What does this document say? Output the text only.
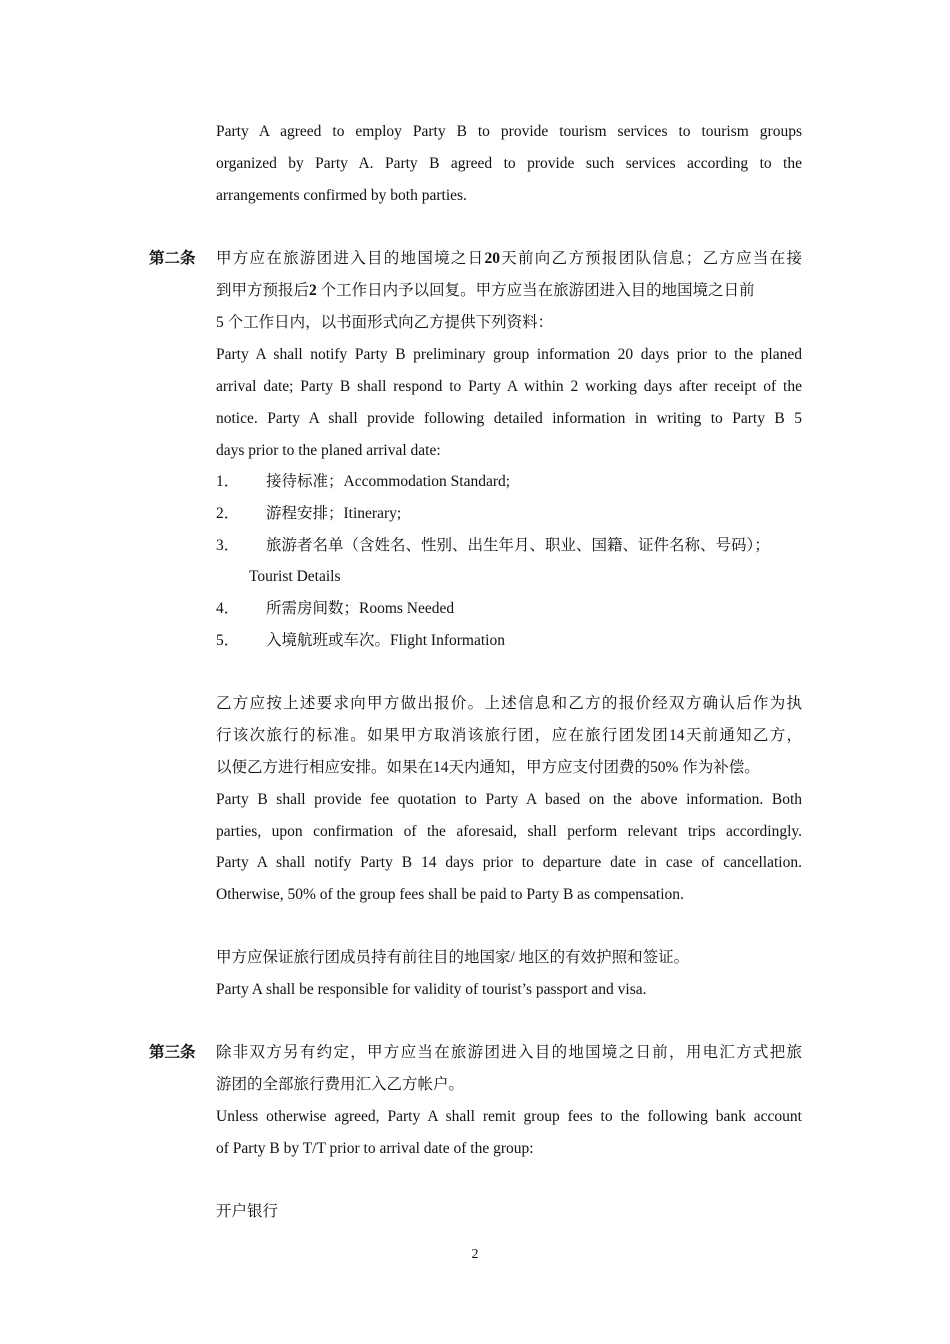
Party A agreed to employ Party B to provide tourism services to tourism groups
organized by Party A. Party B agreed to provide such services according to the
arrangements confirmed by both parties.
第二条 甲方应在旅游团进入目的地国境之日20天前向乙方预报团队信息；乙方应当在接
到甲方预报后2 个工作日内予以回复。甲方应当在旅游团进入目的地国境之日前
5 个工作日内，以书面形式向乙方提供下列资料：
Party A shall notify Party B preliminary group information 20 days prior to the planed
arrival date; Party B shall respond to Party A within 2 working days after receipt of the
notice. Party A shall provide following detailed information in writing to Party B 5
days prior to the planed arrival date:
1． 接待标准；Accommodation Standard;
2． 游程安排；Itinerary;
3． 旅游者名单（含姓名、性别、出生年月、职业、国籍、证件名称、号码）；
Tourist Details
4． 所需房间数；Rooms Needed
5． 入境航班或车次。Flight Information
乙方应按上述要求向甲方做出报价。上述信息和乙方的报价经双方确认后作为执
行该次旅行的标准。如果甲方取消该旅行团，应在旅行团发团14天前通知乙方，
以便乙方进行相应安排。如果在14天内通知，甲方应支付团费的50% 作为补偿。
Party B shall provide fee quotation to Party A based on the above information. Both
parties, upon confirmation of the aforesaid, shall perform relevant trips accordingly.
Party A shall notify Party B 14 days prior to departure date in case of cancellation.
Otherwise, 50% of the group fees shall be paid to Party B as compensation.
甲方应保证旅行团成员持有前往目的地国家/ 地区的有效护照和签证。
Party A shall be responsible for validity of tourist’s passport and visa.
第三条 除非双方另有约定，甲方应当在旅游团进入目的地国境之日前，用电汇方式把旅
游团的全部旅行费用汇入乙方帐户。
Unless otherwise agreed, Party A shall remit group fees to the following bank account
of Party B by T/T prior to arrival date of the group:
开户银行
2
